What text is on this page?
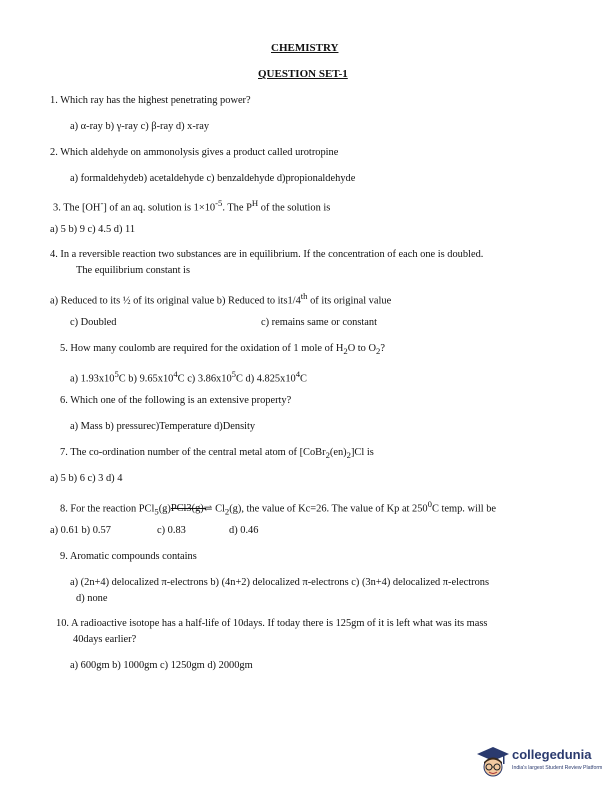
CHEMISTRY
QUESTION SET-1
1. Which ray has the highest penetrating power?
a) α-ray b) γ-ray c) β-ray d) x-ray
2. Which aldehyde on ammonolysis gives a product called urotropine
a) formaldehydeb) acetaldehyde c) benzaldehyde d)propionaldehyde
3. The [OH-] of an aq. solution is $1\times 10^{-5}$. The $P^H$ of the solution is
a) 5 b) 9 c) 4.5 d) 11
4. In a reversible reaction two substances are in equilibrium. If the concentration of each one is doubled.
The equilibrium constant is
a) Reduced to its ½ of its original value b) Reduced to its1/4th of its original value
c) Doubled	c) remains same or constant
5. How many coulomb are required for the oxidation of 1 mole of $H_2O$ to $O_2$?
a) $1.93x10^5C$ b) $9.65x10^4C$ c) $3.86x10^5C$ d) $4.825x10^4C$
6. Which one of the following is an extensive property?
a) Mass b) pressurec)Temperature d)Density
7. The co-ordination number of the central metal atom of $[CoBr_2(en)_2]Cl$ is
a) 5 b) 6 c) 3 d) 4
8. For the reaction PCl$_5$(g)PCl3(g)⇌ $Cl_2(g)$, the value of Kc=26. The value of Kp at $250^0C$ temp. will be
a) 0.61 b) 0.57	c) 0.83	d) 0.46
9. Aromatic compounds contains
a) (2n+4) delocalized π-electrons b) (4n+2) delocalized π-electrons c) (3n+4) delocalized π-electrons
d) none
10. A radioactive isotope has a half-life of 10days. If today there is 125gm of it is left what was its mass
40days earlier?
a) 600gm b) 1000gm c) 1250gm d) 2000gm
collegedunia
India's largest Student Review Platform
